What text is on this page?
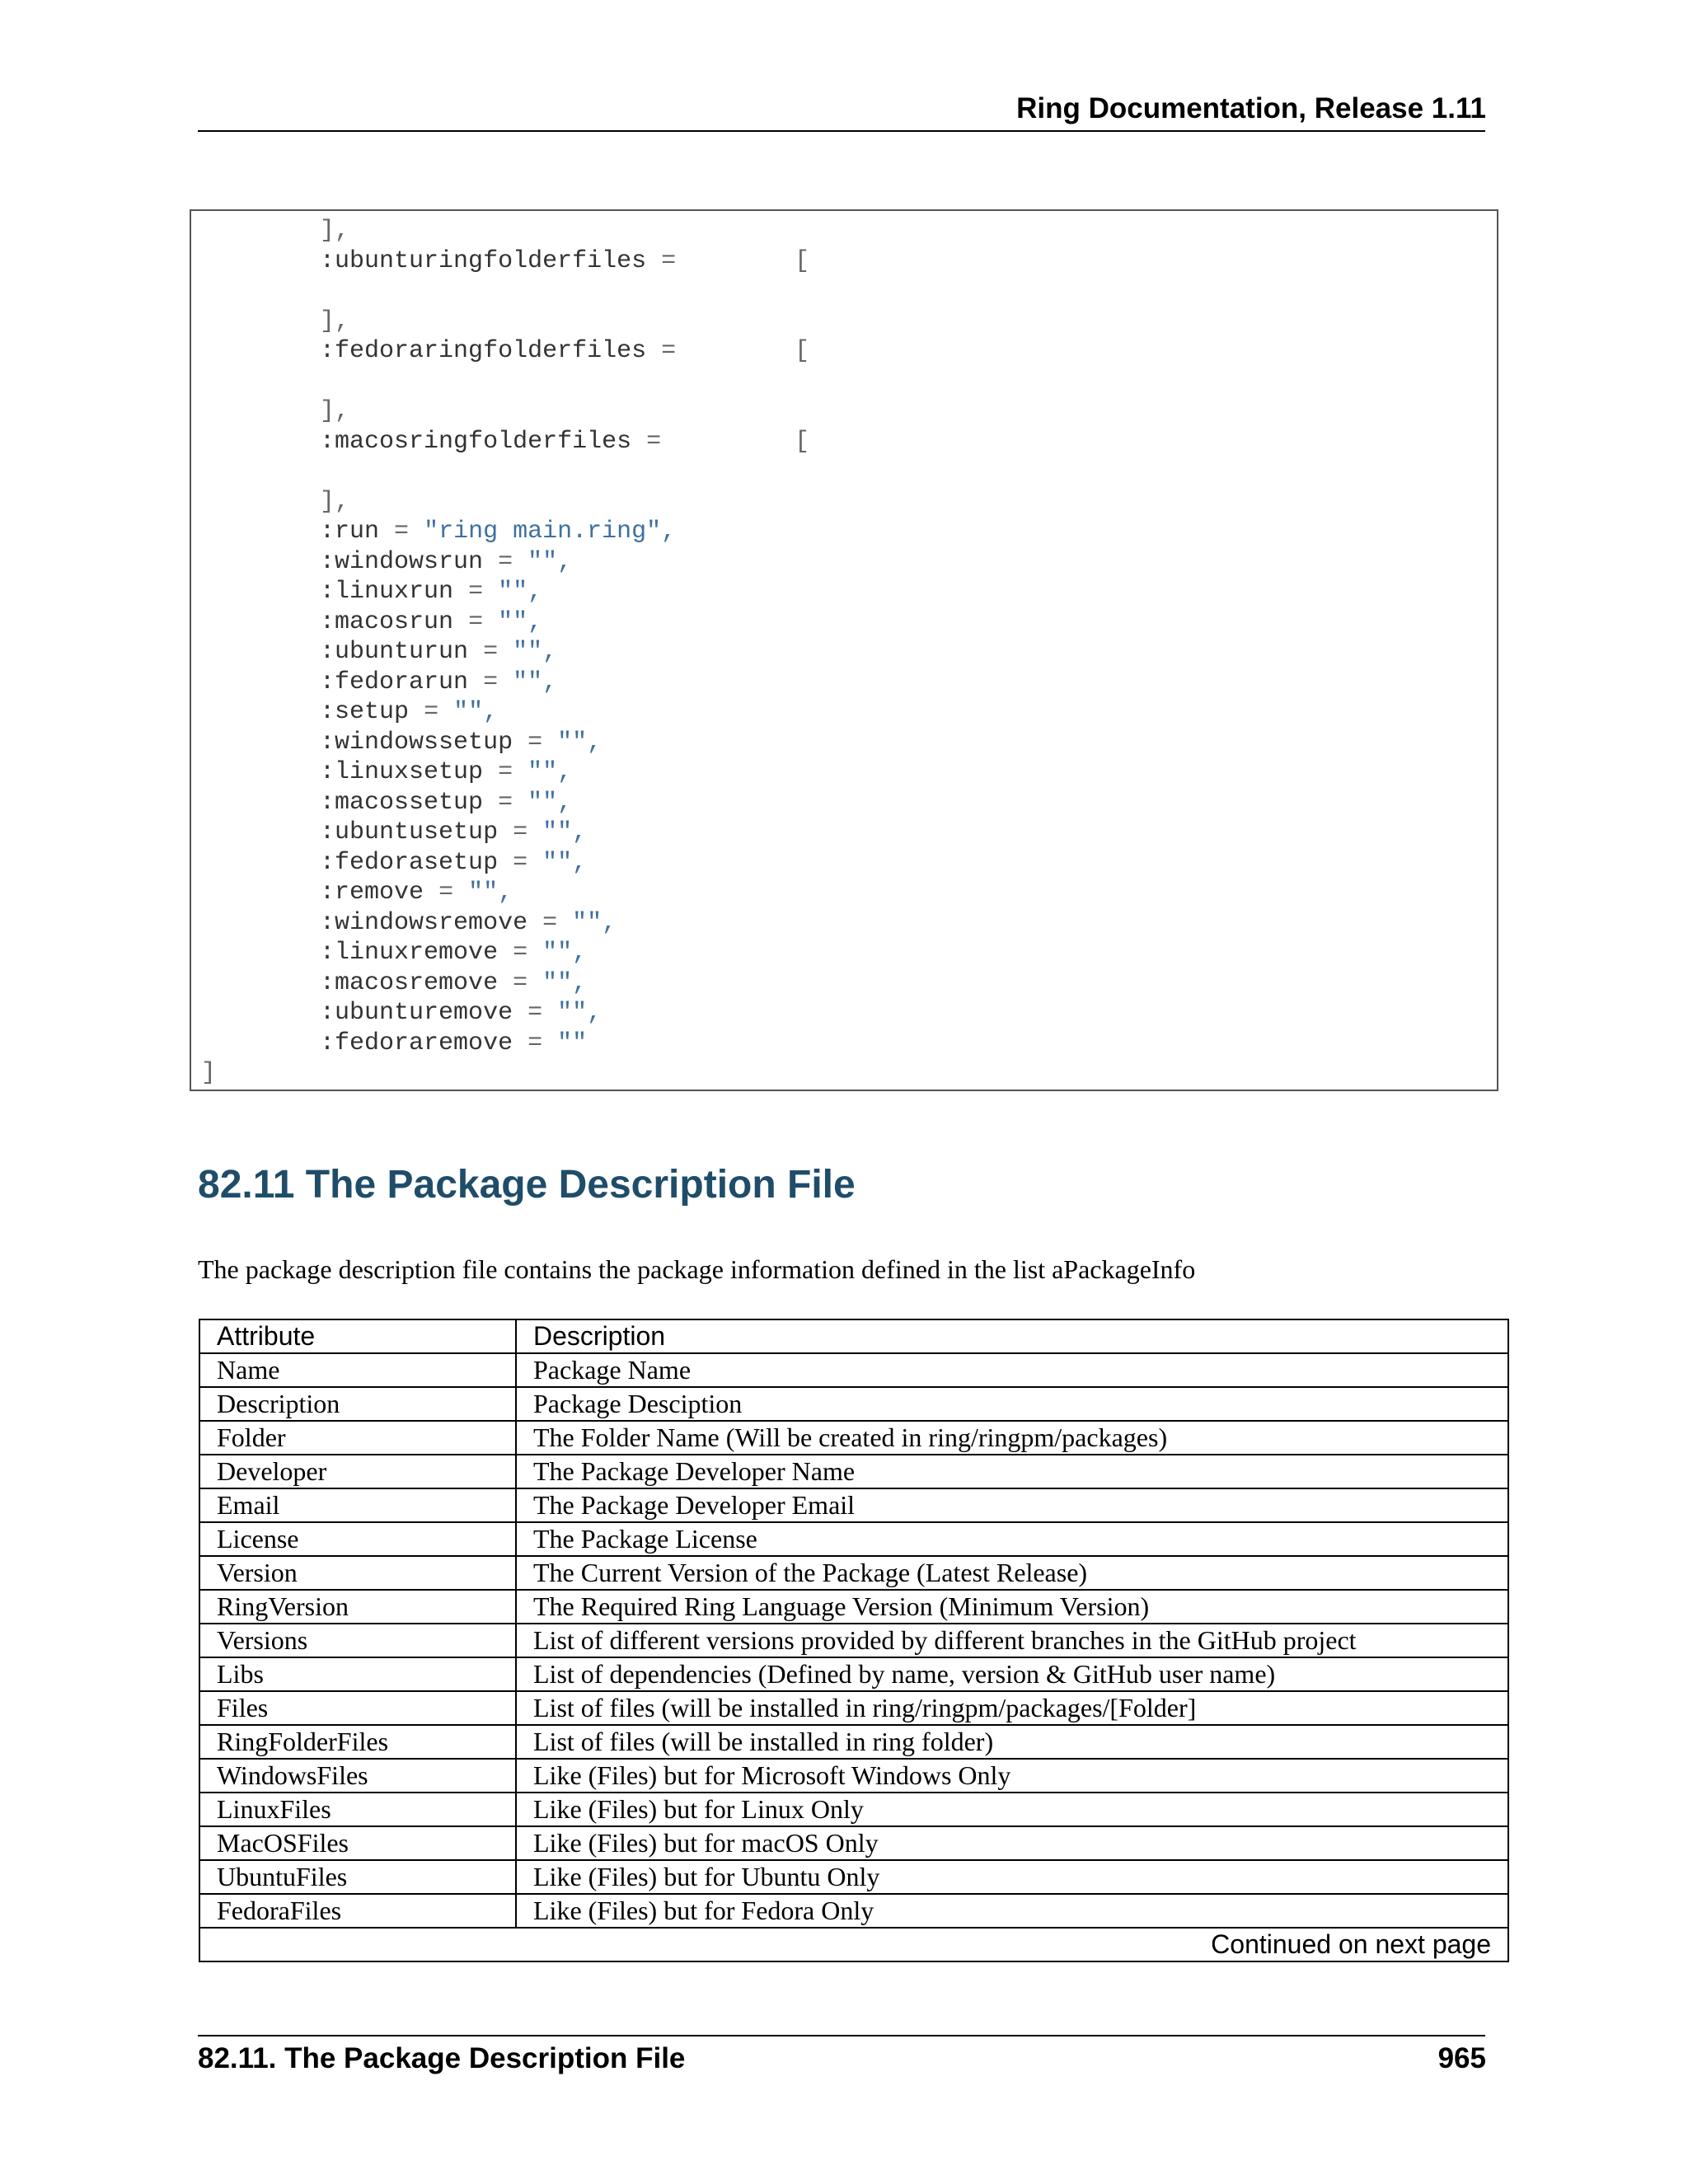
Ring Documentation, Release 1.11
],
:ubunturingfolderfiles =        [
],
:fedoraringfolderfiles =        [
],
:macosringfolderfiles =         [
],
:run = "ring main.ring",
:windowsrun = "",
:linuxrun = "",
:macosrun = "",
:ubunturun = "",
:fedorarun = "",
:setup = "",
:windowssetup = "",
:linuxsetup = "",
:macossetup = "",
:ubuntusetup = "",
:fedorasetup = "",
:remove = "",
:windowsremove = "",
:linuxremove = "",
:macosremove = "",
:ubunturemove = "",
:fedoraremove = ""
]
82.11 The Package Description File
The package description file contains the package information defined in the list aPackageInfo
Attribute	Description
Name	Package Name
Description	Package Desciption
Folder	The Folder Name (Will be created in ring/ringpm/packages)
Developer	The Package Developer Name
Email	The Package Developer Email
License	The Package License
Version	The Current Version of the Package (Latest Release)
RingVersion	The Required Ring Language Version (Minimum Version)
Versions	List of different versions provided by different branches in the GitHub project
Libs	List of dependencies (Defined by name, version & GitHub user name)
Files	List of files (will be installed in ring/ringpm/packages/[Folder]
RingFolderFiles	List of files (will be installed in ring folder)
WindowsFiles	Like (Files) but for Microsoft Windows Only
LinuxFiles	Like (Files) but for Linux Only
MacOSFiles	Like (Files) but for macOS Only
UbuntuFiles	Like (Files) but for Ubuntu Only
FedoraFiles	Like (Files) but for Fedora Only
Continued on next page	
82.11. The Package Description File	965
